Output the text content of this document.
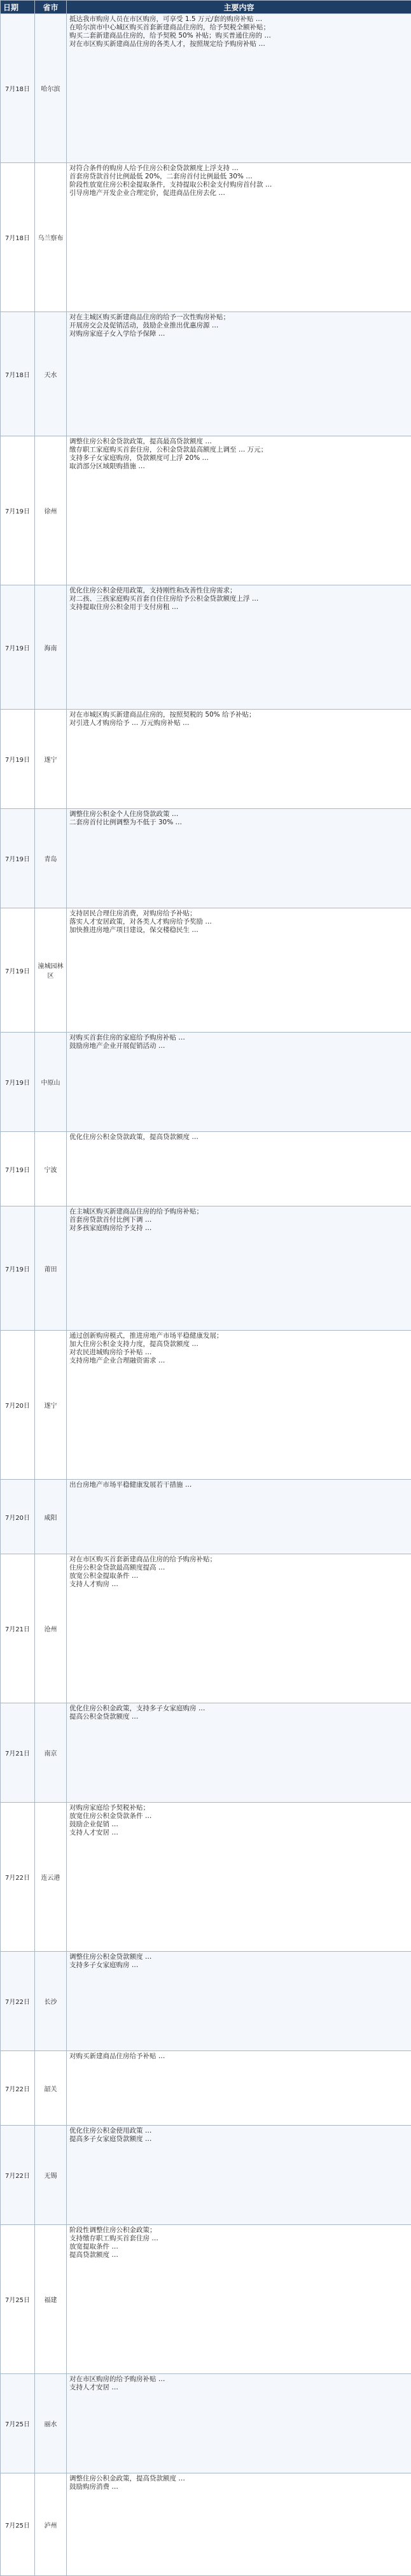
日期	省市	主要内容
7月18日	哈尔滨	抵达我市购房人员在市区购房，可享受 1.5 万元/套的购房补贴 …
在哈尔滨市中心城区购买首套新建商品住房的，给予契税全额补贴；
购买二套新建商品住房的，给予契税 50% 补贴；购买普通住房的 …
对在市区购买新建商品住房的各类人才，按照规定给予购房补贴 …

7月18日	乌兰察布	对符合条件的购房人给予住房公积金贷款额度上浮支持 …
首套房贷款首付比例最低 20%，二套房首付比例最低 30% …
阶段性放宽住房公积金提取条件，支持提取公积金支付购房首付款 …
引导房地产开发企业合理定价，促进商品住房去化 …

7月18日	天水	对在主城区购买新建商品住房的给予一次性购房补贴；
开展房交会及促销活动，鼓励企业推出优惠房源 …
对购房家庭子女入学给予保障 …

7月19日	徐州	调整住房公积金贷款政策，提高最高贷款额度 …
缴存职工家庭购买首套住房，公积金贷款最高额度上调至 … 万元；
支持多子女家庭购房，贷款额度可上浮 20% …
取消部分区域限购措施 …

7月19日	海南	优化住房公积金使用政策，支持刚性和改善性住房需求；
对二孩、三孩家庭购买首套自住住房给予公积金贷款额度上浮 …
支持提取住房公积金用于支付房租 …

7月19日	遂宁	对在市城区购买新建商品住房的，按照契税的 50% 给予补贴；
对引进人才购房给予 … 万元购房补贴 …

7月19日	青岛	调整住房公积金个人住房贷款政策 …
二套房首付比例调整为不低于 30% …

7月19日	潼城园林区	支持居民合理住房消费，对购房给予补贴；
落实人才安居政策，对各类人才购房给予奖励 …
加快推进房地产项目建设，保交楼稳民生 …

7月19日	中原山	对购买首套住房的家庭给予购房补贴 …
鼓励房地产企业开展促销活动 …

7月19日	宁波	优化住房公积金贷款政策，提高贷款额度 …

7月19日	莆田	在主城区购买新建商品住房的给予购房补贴；
首套房贷款首付比例下调 …
对多孩家庭购房给予支持 …

7月20日	遂宁	通过创新购房模式，推进房地产市场平稳健康发展；
加大住房公积金支持力度，提高贷款额度 …
对农民进城购房给予补贴 …
支持房地产企业合理融资需求 …

7月20日	咸阳	出台房地产市场平稳健康发展若干措施 …

7月21日	沧州	对在市区购买首套新建商品住房的给予购房补贴；
住房公积金贷款最高额度提高 …
放宽公积金提取条件 …
支持人才购房 …

7月21日	南京	优化住房公积金政策，支持多子女家庭购房 …
提高公积金贷款额度 …

7月22日	连云港	对购房家庭给予契税补贴；
放宽住房公积金贷款条件 …
鼓励企业促销 …
支持人才安居 …

7月22日	长沙	调整住房公积金贷款额度 …
支持多子女家庭购房 …

7月22日	韶关	对购买新建商品住房给予补贴 …

7月22日	无锡	优化住房公积金使用政策 …
提高多子女家庭贷款额度 …

7月25日	福建	阶段性调整住房公积金政策；
支持缴存职工购买首套住房 …
放宽提取条件 …
提高贷款额度 …

7月25日	丽水	对在市区购房的给予购房补贴 …
支持人才安居 …

7月25日	泸州	调整住房公积金政策，提高贷款额度 …
鼓励购房消费 …
